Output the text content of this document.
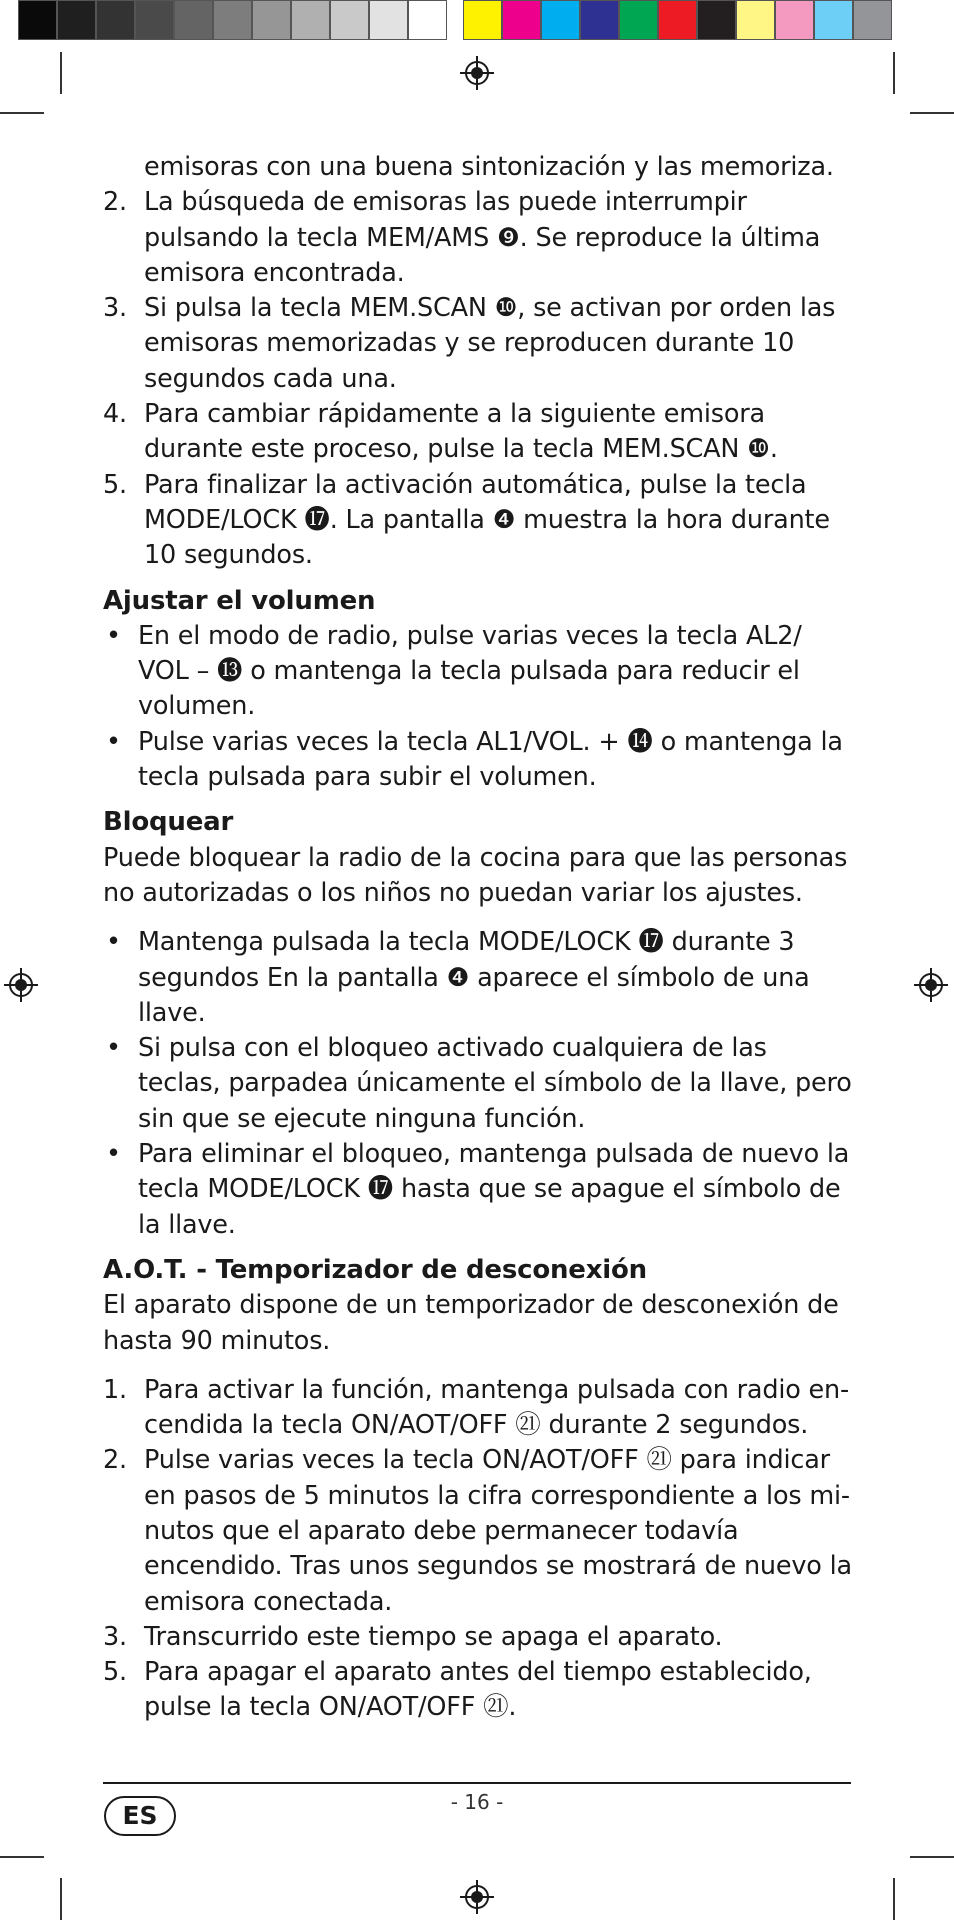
emisoras con una buena sintonización y las memoriza.

2. La búsqueda de emisoras las puede interrumpir pulsando la tecla MEM/AMS ❾. Se reproduce la última emisora encontrada.
3. Si pulsa la tecla MEM.SCAN ❿, se activan por orden las emisoras memorizadas y se reproducen durante 10 segundos cada una.
4. Para cambiar rápidamente a la siguiente emisora durante este proceso, pulse la tecla MEM.SCAN ❿.
5. Para finalizar la activación automática, pulse la tecla MODE/LOCK ⓱. La pantalla ❹ muestra la hora durante 10 segundos.
Ajustar el volumen
• En el modo de radio, pulse varias veces la tecla AL2/ VOL – ⓭ o mantenga la tecla pulsada para reducir el volumen.
• Pulse varias veces la tecla AL1/VOL. + ⓮ o mantenga la tecla pulsada para subir el volumen.
Bloquear

Puede bloquear la radio de la cocina para que las personas no autorizadas o los niños no puedan variar los ajustes.

• Mantenga pulsada la tecla MODE/LOCK ⓱ durante 3 segundos En la pantalla ❹ aparece el símbolo de una llave.
• Si pulsa con el bloqueo activado cualquiera de las teclas, parpadea únicamente el símbolo de la llave, pero sin que se ejecute ninguna función.
• Para eliminar el bloqueo, mantenga pulsada de nuevo la tecla MODE/LOCK ⓱ hasta que se apague el símbolo de la llave.
A.O.T. - Temporizador de desconexión

El aparato dispone de un temporizador de desconexión de hasta 90 minutos.

1. Para activar la función, mantenga pulsada con radio encendida la tecla ON/AOT/OFF ㉑ durante 2 segundos.
2. Pulse varias veces la tecla ON/AOT/OFF ㉑ para indicar en pasos de 5 minutos la cifra correspondiente a los minutos que el aparato debe permanecer todavía encendido. Tras unos segundos se mostrará de nuevo la emisora conectada.
3. Transcurrido este tiempo se apaga el aparato.
5. Para apagar el aparato antes del tiempo establecido, pulse la tecla ON/AOT/OFF ㉑.
- 16 -
ES
